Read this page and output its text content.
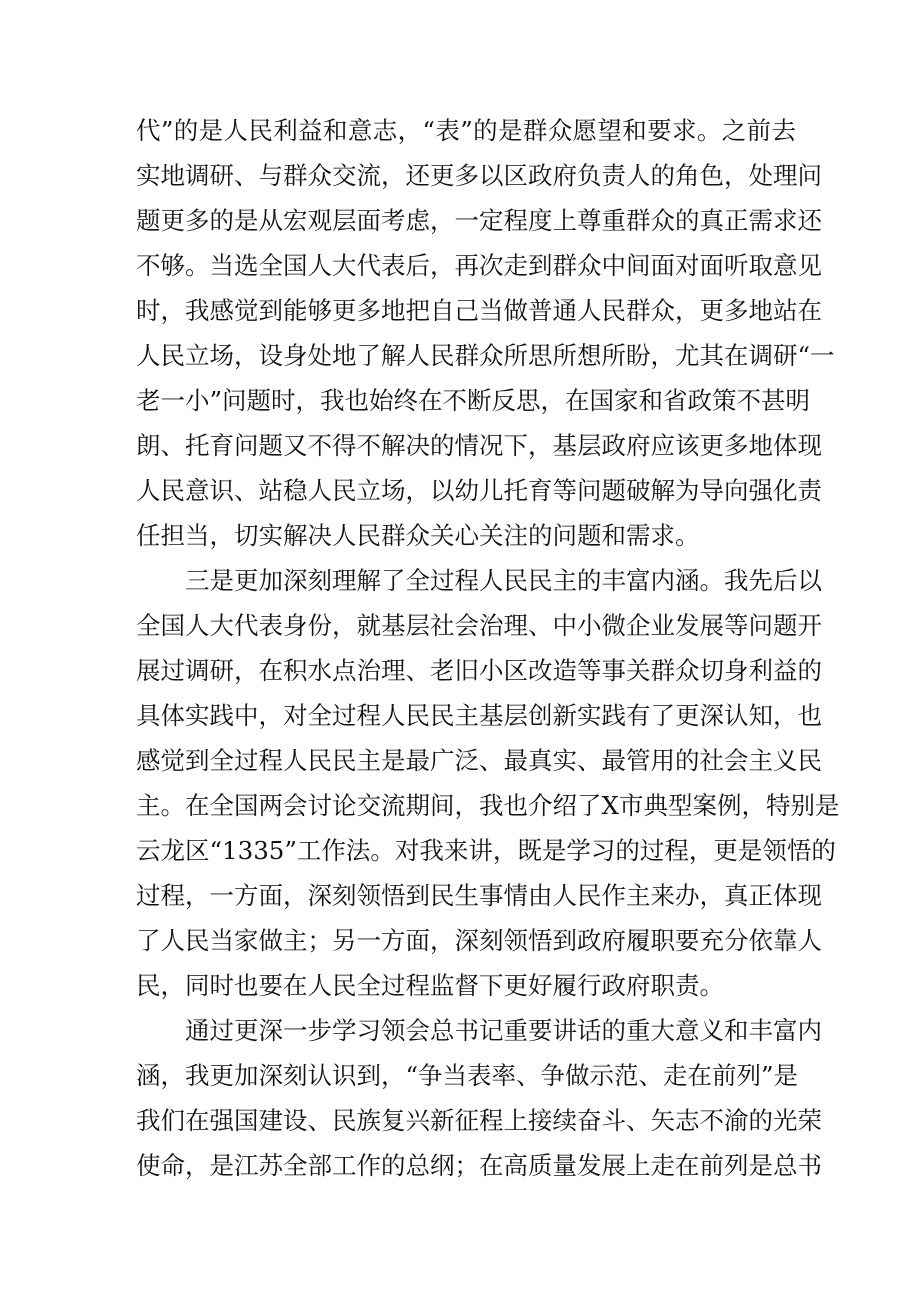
代”的是人民利益和意志，“表”的是群众愿望和要求。之前去
实地调研、与群众交流，还更多以区政府负责人的角色，处理问
题更多的是从宏观层面考虑，一定程度上尊重群众的真正需求还
不够。当选全国人大代表后，再次走到群众中间面对面听取意见
时，我感觉到能够更多地把自己当做普通人民群众，更多地站在
人民立场，设身处地了解人民群众所思所想所盼，尤其在调研“一
老一小”问题时，我也始终在不断反思，在国家和省政策不甚明
朗、托育问题又不得不解决的情况下，基层政府应该更多地体现
人民意识、站稳人民立场，以幼儿托育等问题破解为导向强化责
任担当，切实解决人民群众关心关注的问题和需求。
三是更加深刻理解了全过程人民民主的丰富内涵。我先后以
全国人大代表身份，就基层社会治理、中小微企业发展等问题开
展过调研，在积水点治理、老旧小区改造等事关群众切身利益的
具体实践中，对全过程人民民主基层创新实践有了更深认知，也
感觉到全过程人民民主是最广泛、最真实、最管用的社会主义民
主。在全国两会讨论交流期间，我也介绍了X市典型案例，特别是
云龙区“1335”工作法。对我来讲，既是学习的过程，更是领悟的
过程，一方面，深刻领悟到民生事情由人民作主来办，真正体现
了人民当家做主；另一方面，深刻领悟到政府履职要充分依靠人
民，同时也要在人民全过程监督下更好履行政府职责。
通过更深一步学习领会总书记重要讲话的重大意义和丰富内
涵，我更加深刻认识到，“争当表率、争做示范、走在前列”是
我们在强国建设、民族复兴新征程上接续奋斗、矢志不渝的光荣
使命，是江苏全部工作的总纲；在高质量发展上走在前列是总书
